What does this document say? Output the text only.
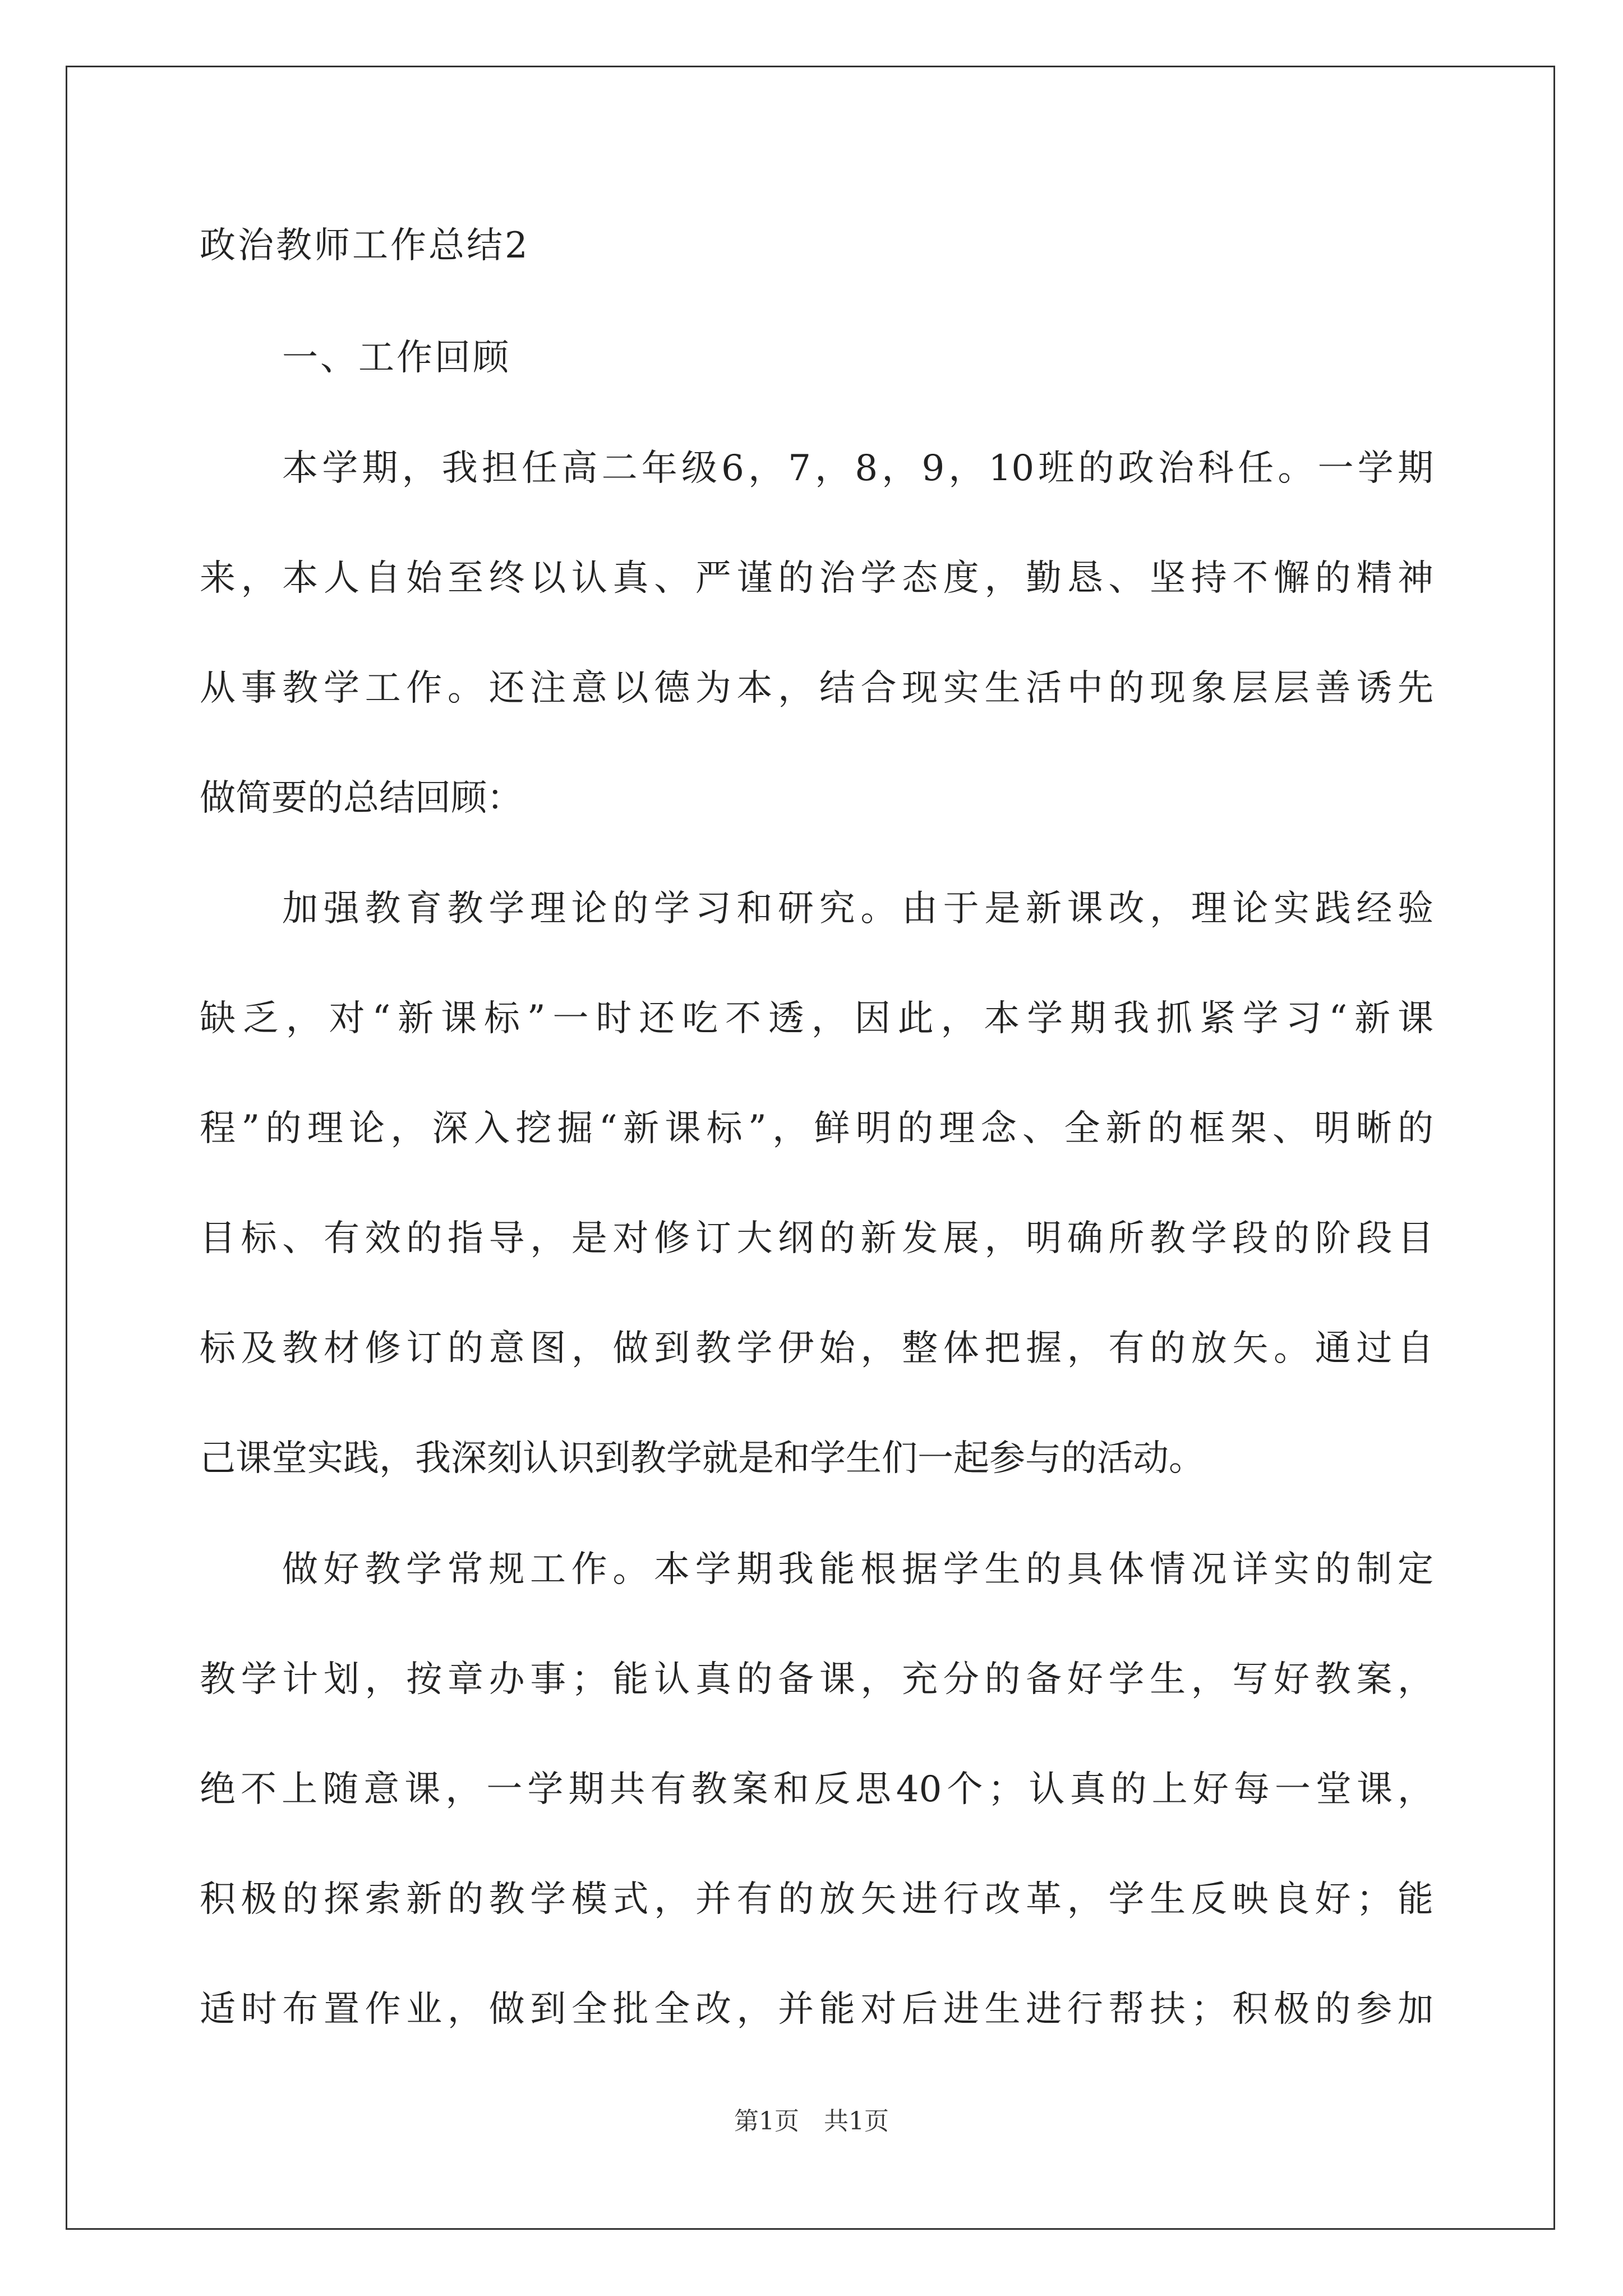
政治教师工作总结2
一、工作回顾
本学期，我担任高二年级6，7，8，9，10班的政治科任。一学期
来，本人自始至终以认真、严谨的治学态度，勤恳、坚持不懈的精神
从事教学工作。还注意以德为本，结合现实生活中的现象层层善诱先
做简要的总结回顾：
加强教育教学理论的学习和研究。由于是新课改，理论实践经验
缺乏，对“新课标”一时还吃不透，因此，本学期我抓紧学习“新课
程”的理论，深入挖掘“新课标”，鲜明的理念、全新的框架、明晰的
目标、有效的指导，是对修订大纲的新发展，明确所教学段的阶段目
标及教材修订的意图，做到教学伊始，整体把握，有的放矢。通过自
己课堂实践，我深刻认识到教学就是和学生们一起参与的活动。
做好教学常规工作。本学期我能根据学生的具体情况详实的制定
教学计划，按章办事；能认真的备课，充分的备好学生，写好教案，
绝不上随意课，一学期共有教案和反思40个；认真的上好每一堂课，
积极的探索新的教学模式，并有的放矢进行改革，学生反映良好；能
适时布置作业，做到全批全改，并能对后进生进行帮扶；积极的参加
第1页　共1页
